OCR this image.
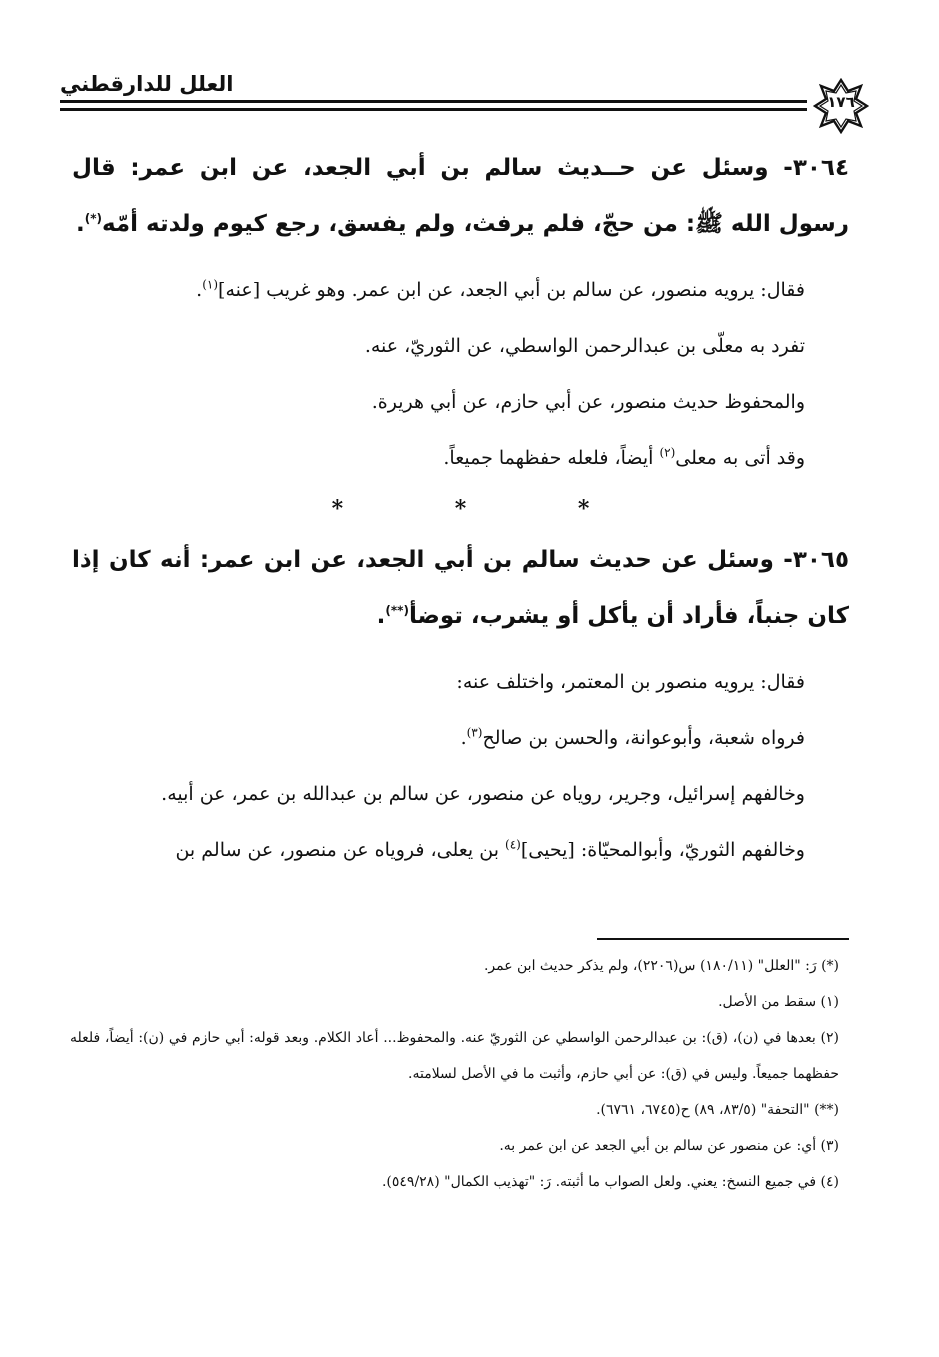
العلل للدارقطني
١٧٦

٣٠٦٤- وسئل عن حــديث سالم بن أبي الجعد، عن ابن عمر: قال رسول الله ﷺ: من حجّ، فلم يرفث، ولم يفسق، رجع كيوم ولدته أمّه(*).

فقال: يرويه منصور، عن سالم بن أبي الجعد، عن ابن عمر. وهو غريب [عنه]$^{(١)}$.

تفرد به معلّى بن عبدالرحمن الواسطي، عن الثوريّ، عنه.

والمحفوظ حديث منصور، عن أبي حازم، عن أبي هريرة.

وقد أتى به معلى$^{(٢)}$ أيضاً، فلعله حفظهما جميعاً.

* * *

٣٠٦٥- وسئل عن حديث سالم بن أبي الجعد، عن ابن عمر: أنه كان إذا كان جنباً، فأراد أن يأكل أو يشرب، توضأ(**).

فقال: يرويه منصور بن المعتمر، واختلف عنه:

فرواه شعبة، وأبوعوانة، والحسن بن صالح$^{(٣)}$.

وخالفهم إسرائيل، وجرير، روياه عن منصور، عن سالم بن عبدالله بن عمر، عن أبيه.

وخالفهم الثوريّ، وأبوالمحيّاة: [يحيى]$^{(٤)}$ بن يعلى، فروياه عن منصور، عن سالم بن

(*) رَ: "العلل" (١٨٠/١١) س(٢٢٠٦)، ولم يذكر حديث ابن عمر.

(١) سقط من الأصل.

(٢) بعدها في (ن)، (ق): بن عبدالرحمن الواسطي عن الثوريّ عنه. والمحفوظ... أعاد الكلام. وبعد قوله: أبي حازم في (ن): أيضاً، فلعله حفظهما جميعاً. وليس في (ق): عن أبي حازم، وأثبت ما في الأصل لسلامته.

(**) "التحفة" (٨٣/٥، ٨٩) ح(٦٧٤٥، ٦٧٦١).

(٣) أي: عن منصور عن سالم بن أبي الجعد عن ابن عمر به.

(٤) في جميع النسخ: يعني. ولعل الصواب ما أثبته. رَ: "تهذيب الكمال" (٥٤٩/٢٨).
